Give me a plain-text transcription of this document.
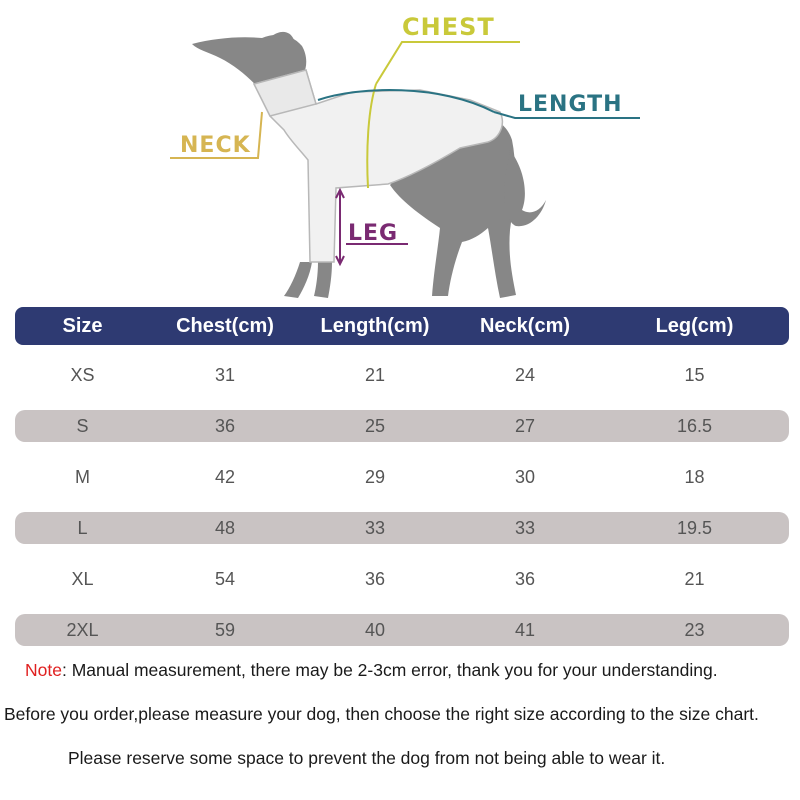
CHEST
LENGTH
NECK
LEG
Size	Chest(cm)	Length(cm)	Neck(cm)	Leg(cm)
XS	31	21	24	15
S	36	25	27	16.5
M	42	29	30	18
L	48	33	33	19.5
XL	54	36	36	21
2XL	59	40	41	23
Note: Manual measurement, there may be 2-3cm error, thank you for your understanding.
Before you order,please measure your dog, then choose the right size according to the size chart.
Please reserve some space to prevent the dog from not being able to wear it.
